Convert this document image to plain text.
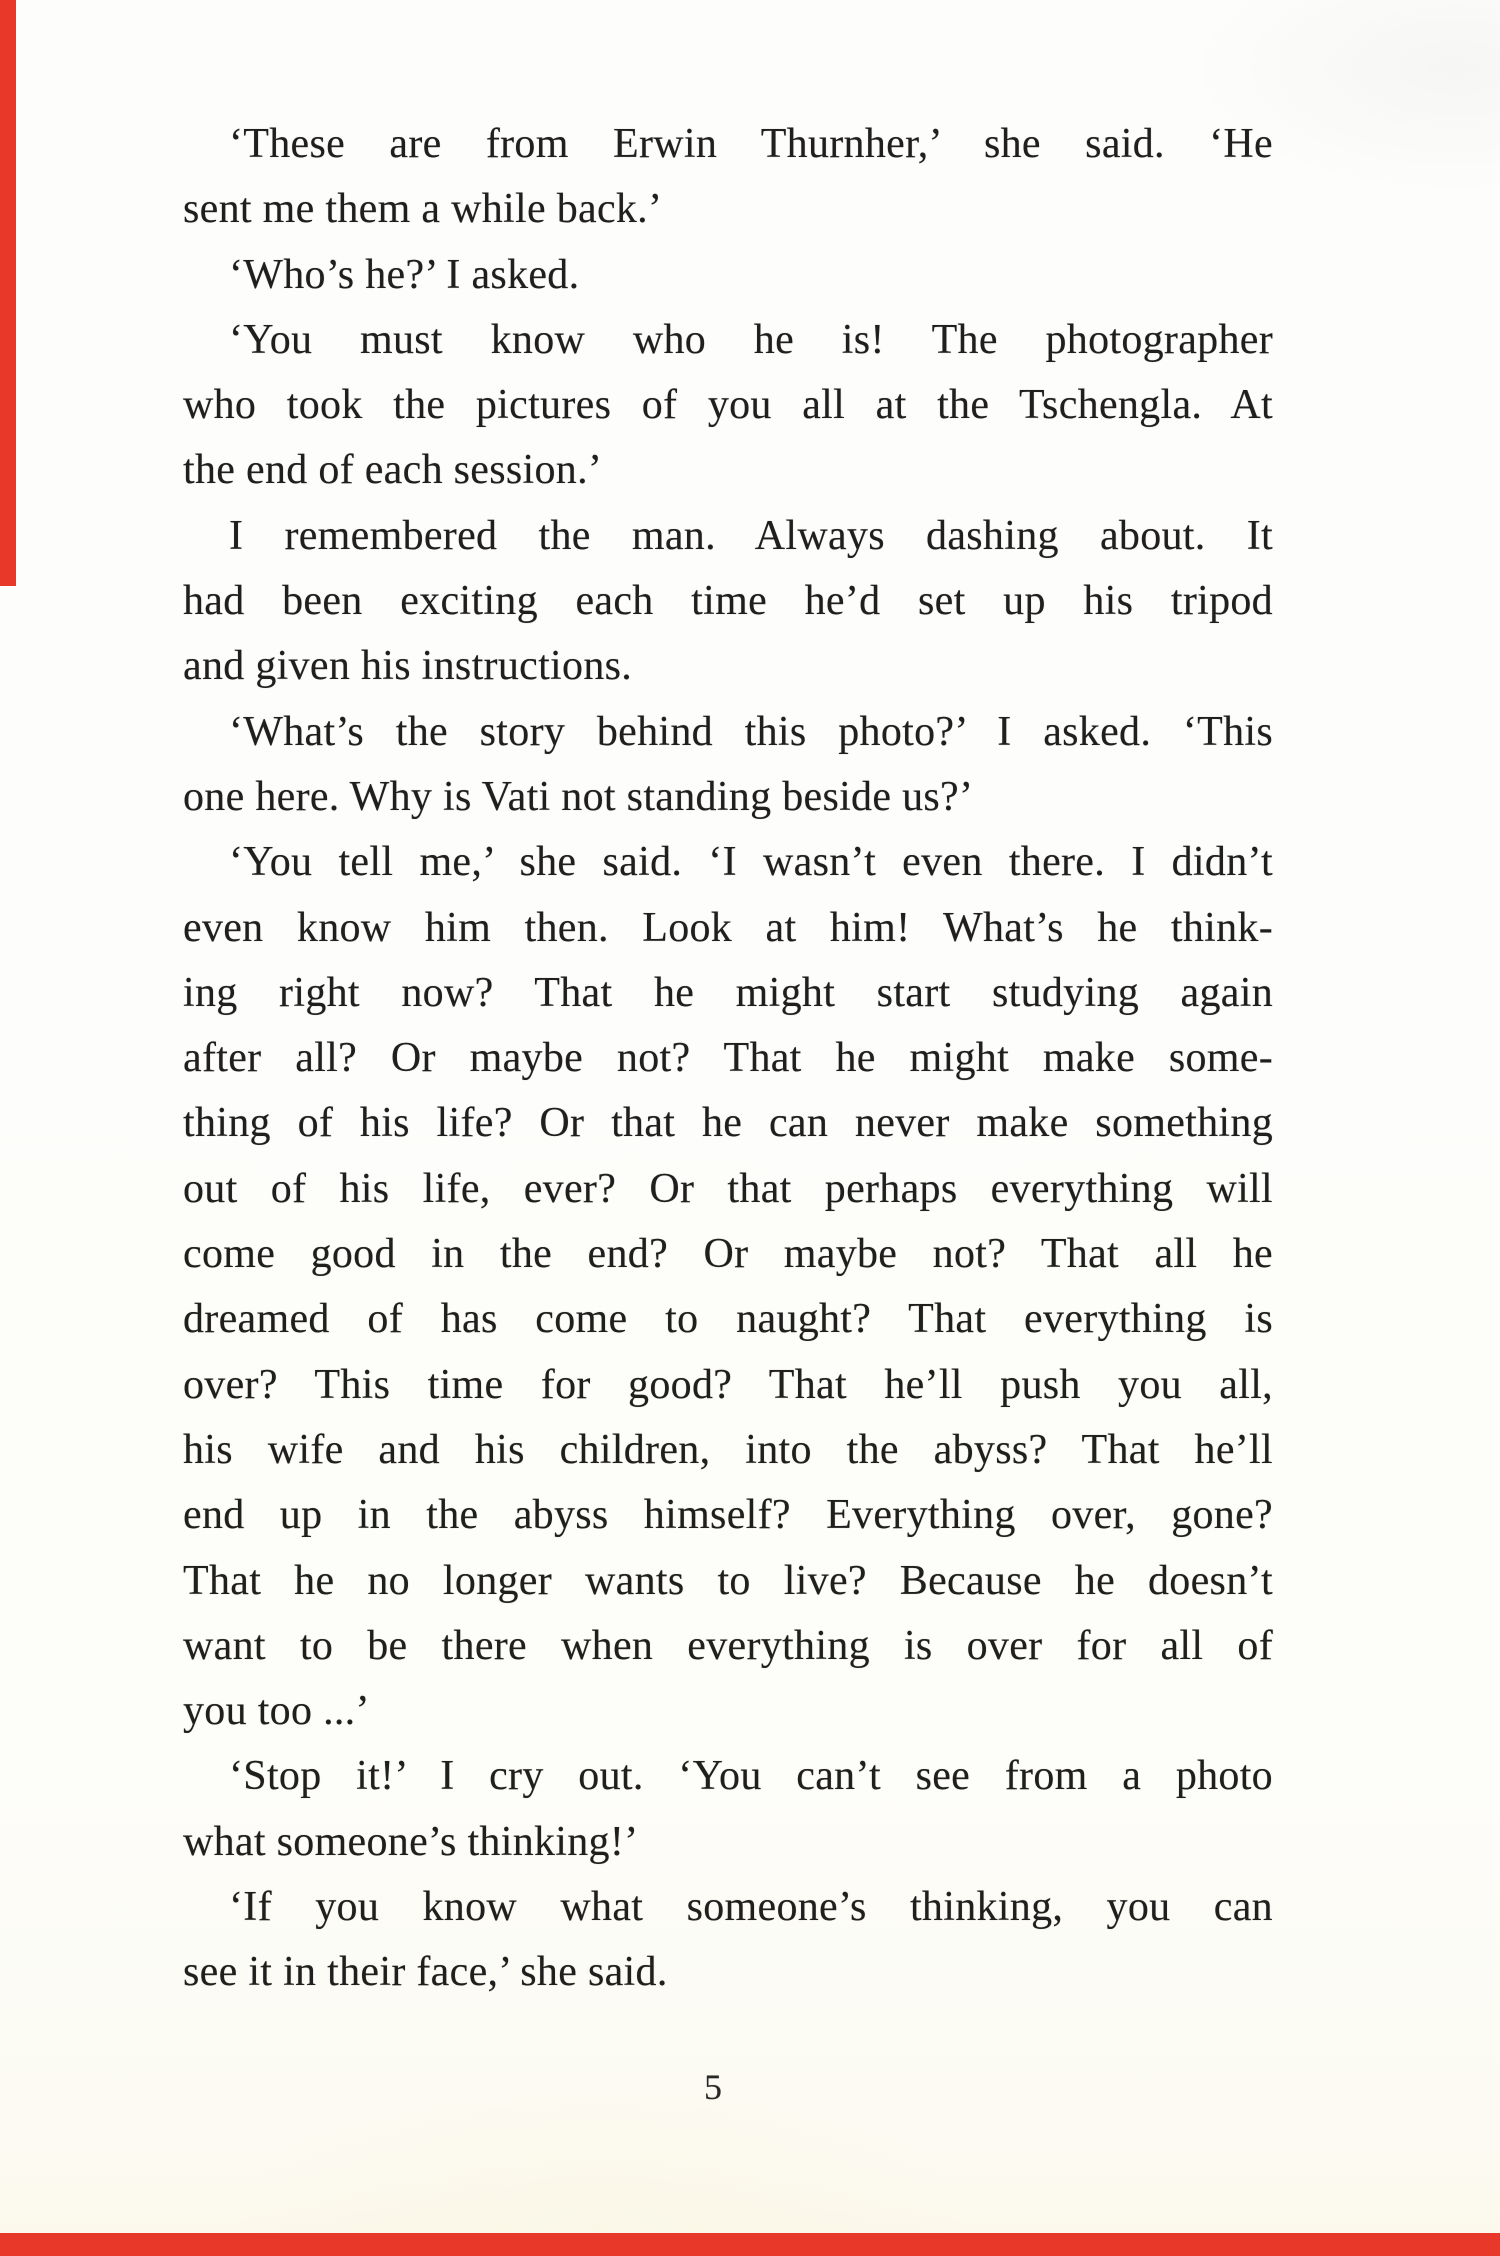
‘These are from Erwin Thurnher,’ she said. ‘He
sent me them a while back.’
‘Who’s he?’ I asked.
‘You must know who he is! The photographer
who took the pictures of you all at the Tschengla. At
the end of each session.’
I remembered the man. Always dashing about. It
had been exciting each time he’d set up his tripod
and given his instructions.
‘What’s the story behind this photo?’ I asked. ‘This
one here. Why is Vati not standing beside us?’
‘You tell me,’ she said. ‘I wasn’t even there. I didn’t
even know him then. Look at him! What’s he think-
ing right now? That he might start studying again
after all? Or maybe not? That he might make some-
thing of his life? Or that he can never make something
out of his life, ever? Or that perhaps everything will
come good in the end? Or maybe not? That all he
dreamed of has come to naught? That everything is
over? This time for good? That he’ll push you all,
his wife and his children, into the abyss? That he’ll
end up in the abyss himself? Everything over, gone?
That he no longer wants to live? Because he doesn’t
want to be there when everything is over for all of
you too ...’
‘Stop it!’ I cry out. ‘You can’t see from a photo
what someone’s thinking!’
‘If you know what someone’s thinking, you can
see it in their face,’ she said.
5
